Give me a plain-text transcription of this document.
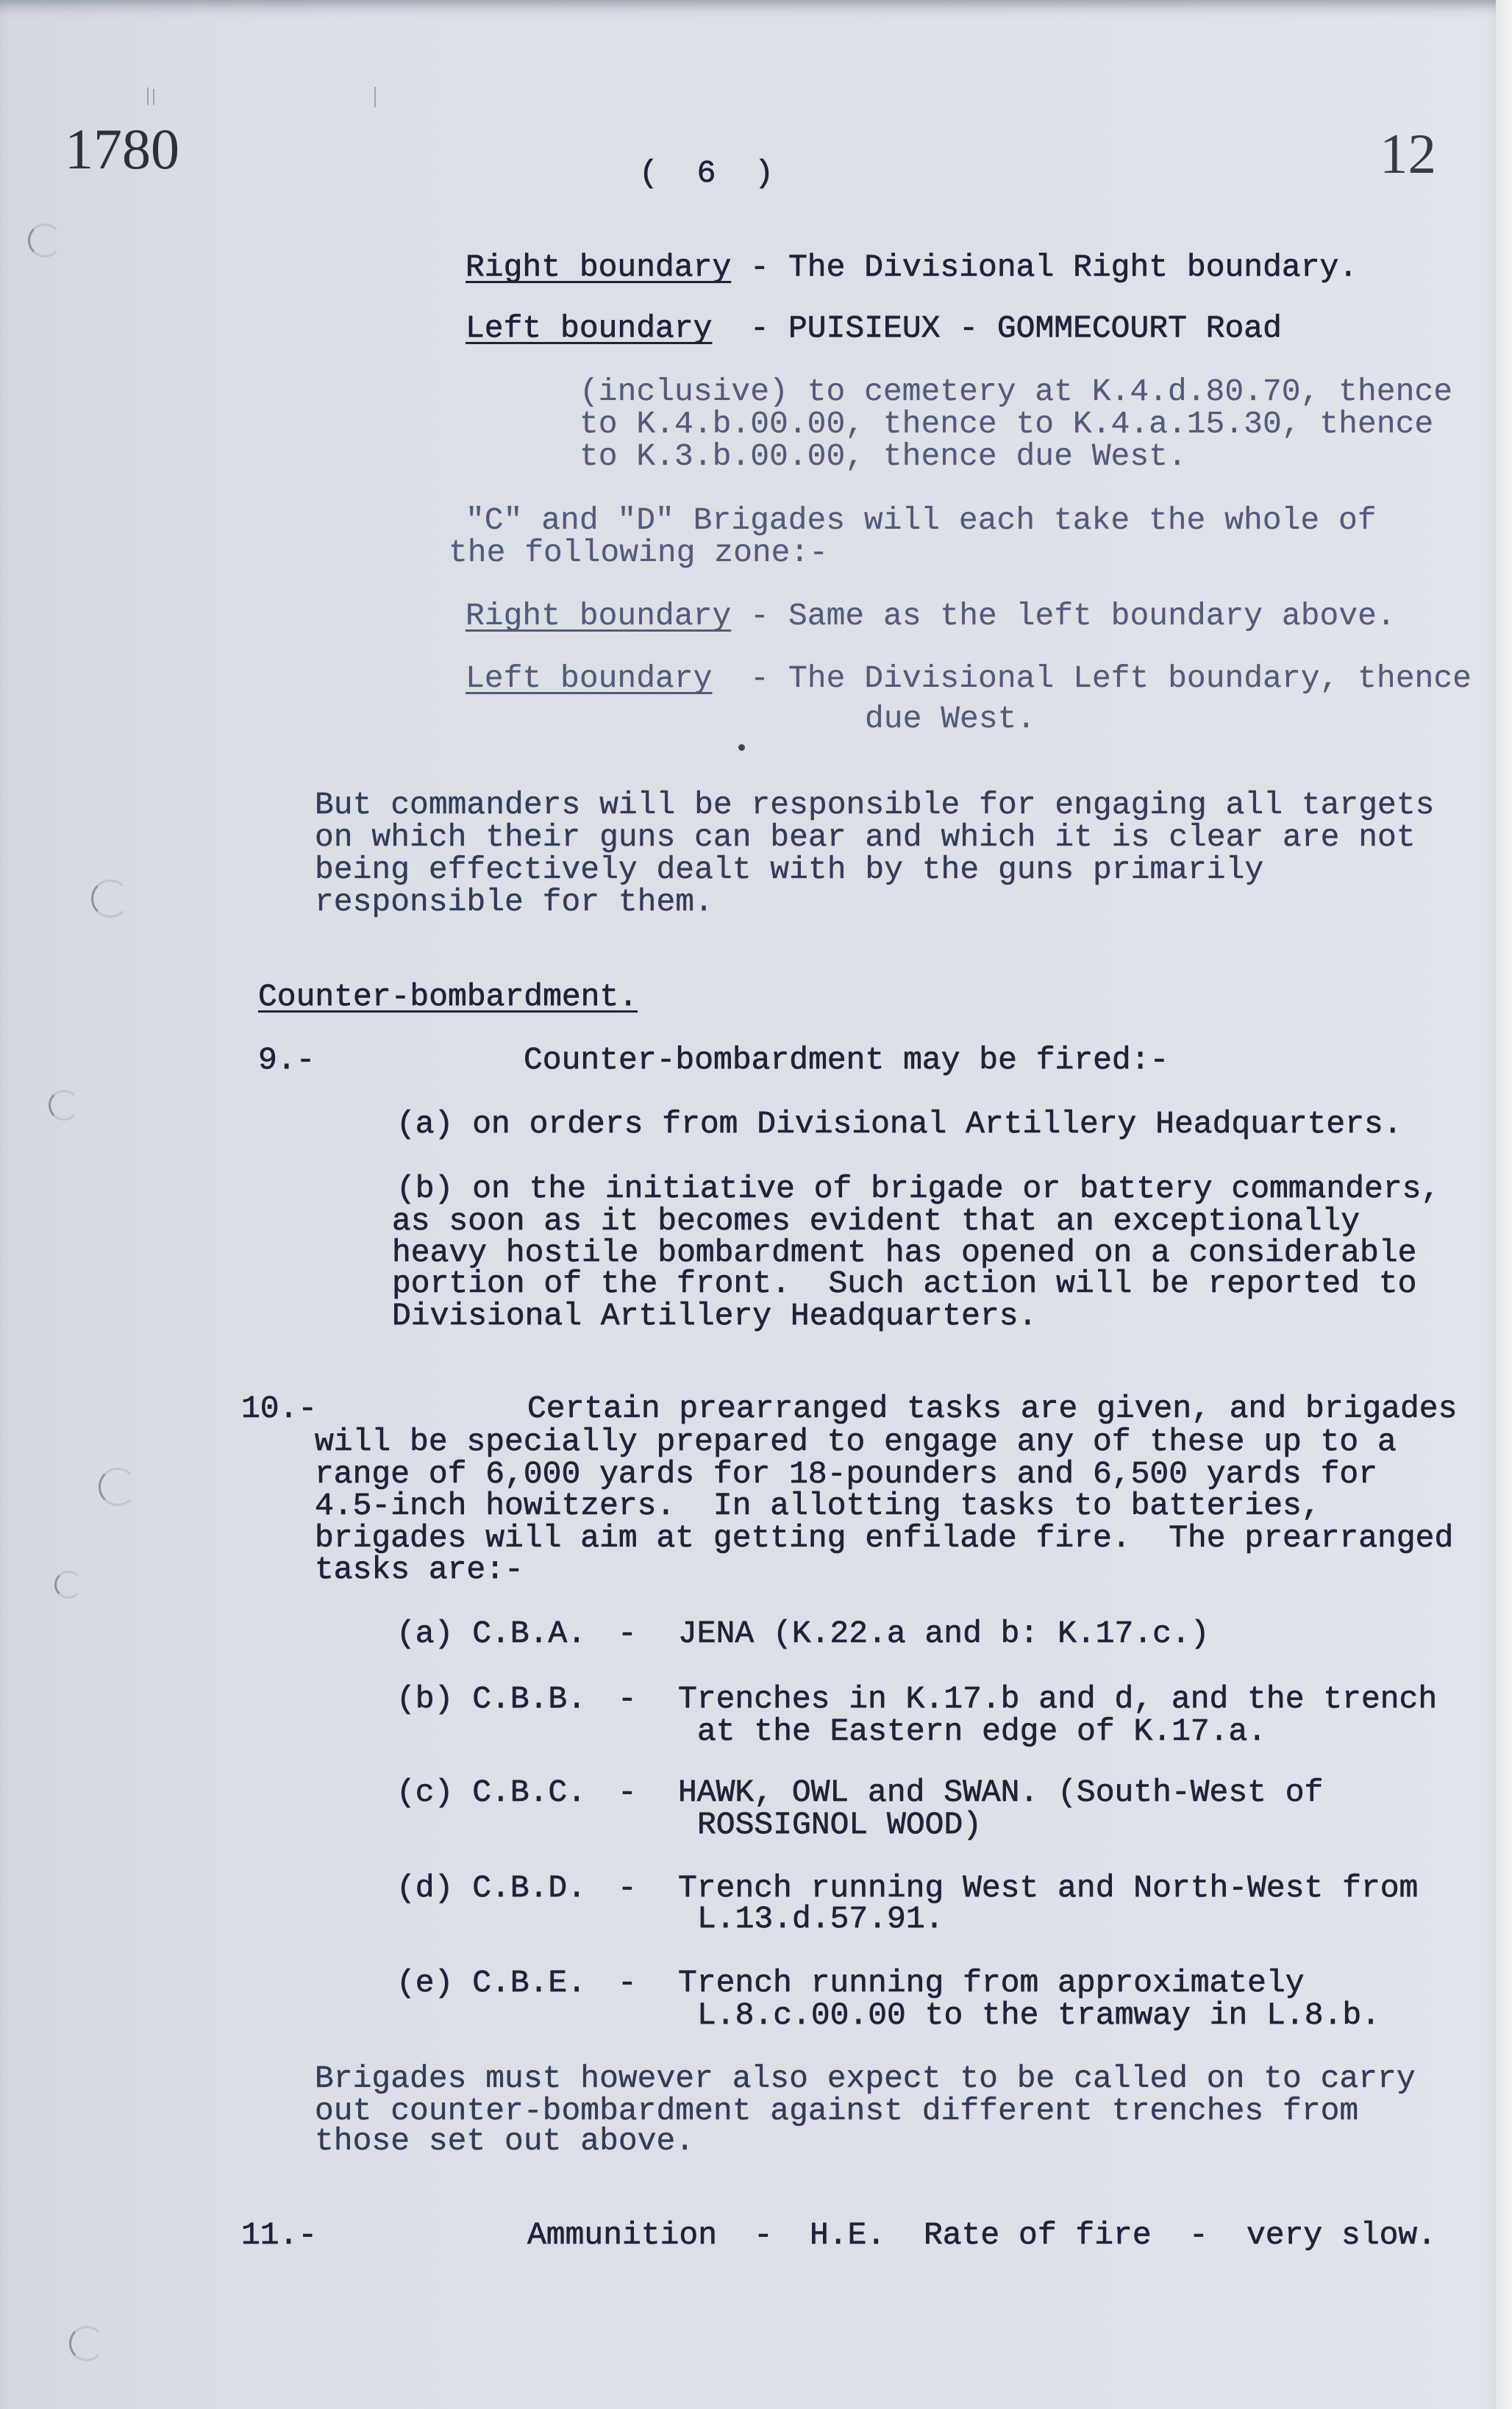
1780	( 6 )	12
Right boundary - The Divisional Right boundary.
Left boundary - PUISIEUX - GOMMECOURT Road
(inclusive) to cemetery at K.4.d.80.70, thence
to K.4.b.00.00, thence to K.4.a.15.30, thence
to K.3.b.00.00, thence due West.
"C" and "D" Brigades will each take the whole of
the following zone:-
Right boundary - Same as the left boundary above.
Left boundary - The Divisional Left boundary, thence
due West.
But commanders will be responsible for engaging all targets
on which their guns can bear and which it is clear are not
being effectively dealt with by the guns primarily
responsible for them.
Counter-bombardment.
9.-	Counter-bombardment may be fired:-
(a) on orders from Divisional Artillery Headquarters.
(b) on the initiative of brigade or battery commanders,
as soon as it becomes evident that an exceptionally
heavy hostile bombardment has opened on a considerable
portion of the front.  Such action will be reported to
Divisional Artillery Headquarters.
10.-	Certain prearranged tasks are given, and brigades
will be specially prepared to engage any of these up to a
range of 6,000 yards for 18-pounders and 6,500 yards for
4.5-inch howitzers.  In allotting tasks to batteries,
brigades will aim at getting enfilade fire.  The prearranged
tasks are:-
(a) C.B.A. - JENA (K.22.a and b: K.17.c.)
(b) C.B.B. - Trenches in K.17.b and d, and the trench
at the Eastern edge of K.17.a.
(c) C.B.C. - HAWK, OWL and SWAN. (South-West of
ROSSIGNOL WOOD)
(d) C.B.D. - Trench running West and North-West from
L.13.d.57.91.
(e) C.B.E. - Trench running from approximately
L.8.c.00.00 to the tramway in L.8.b.
Brigades must however also expect to be called on to carry
out counter-bombardment against different trenches from
those set out above.
11.-	Ammunition - H.E. Rate of fire - very slow.
